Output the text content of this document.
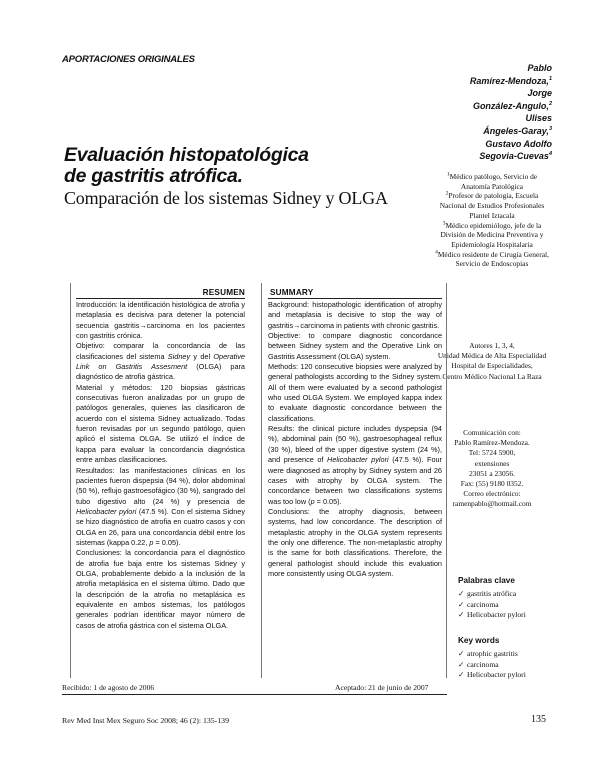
APORTACIONES ORIGINALES
Evaluación histopatológica
de gastritis atrófica.
Comparación de los sistemas Sidney y OLGA
Pablo
Ramírez-Mendoza,$^1$
Jorge
González-Angulo,$^2$
Ulises
Ángeles-Garay,$^3$
Gustavo Adolfo
Segovia-Cuevas$^4$
$^1$Médico patólogo, Servicio de Anatomía Patológica
$^2$Profesor de patología, Escuela Nacional de Estudios Profesionales Plantel Iztacala
$^3$Médico epidemiólogo, jefe de la División de Medicina Preventiva y Epidemiología Hospitalaria
$^4$Médico residente de Cirugía General, Servicio de Endoscopias
Autores 1, 3, 4,
Unidad Médica de Alta Especialidad Hospital de Especialidades,
Centro Médico Nacional La Raza
Comunicación con:
Pablo Ramírez-Mendoza.
Tel: 5724 5900,
extensiones
23051 a 23056.
Fax: (55) 9180 0352.
Correo electrónico:
ramenpablo@hotmail.com
RESUMEN	SUMMARY

Introducción: la identificación histológica de atrofia y metaplasia es decisiva para detener la potencial secuencia gastritis→carcinoma en los pacientes con gastritis crónica.

Objetivo: comparar la concordancia de las clasificaciones del sistema Sidney y del Operative Link on Gastritis Assesment (OLGA) para diagnóstico de atrofia gástrica.

Material y métodos: 120 biopsias gástricas consecutivas fueron analizadas por un grupo de patólogos generales, quienes las clasificaron de acuerdo con el sistema Sidney actualizado. Todas fueron revisadas por un segundo patólogo, quien aplicó el sistema OLGA. Se utilizó el índice de kappa para evaluar la concordancia diagnóstica entre ambas clasificaciones.

Resultados: las manifestaciones clínicas en los pacientes fueron dispepsia (94 %), dolor abdominal (50 %), reflujo gastroesofágico (30 %), sangrado del tubo digestivo alto (24 %) y presencia de Helicobacter pylori (47.5 %). Con el sistema Sidney se hizo diagnóstico de atrofia en cuatro casos y con OLGA en 26, para una concordancia débil entre los sistemas (kappa 0.22, p = 0.05).

Conclusiones: la concordancia para el diagnóstico de atrofia fue baja entre los sistemas Sidney y OLGA, probablemente debido a la inclusión de la atrofia metaplásica en el sistema último. Dado que la descripción de la atrofia no metaplásica es equivalente en ambos sistemas, los patólogos generales podrían identificar mayor número de casos de atrofia gástrica con el sistema OLGA.

Background: histopathologic identification of atrophy and metaplasia is decisive to stop the way of gastritis→carcinoma in patients with chronic gastritis.

Objective: to compare diagnostic concordance between Sidney system and the Operative Link on Gastritis Assessment (OLGA) system.

Methods: 120 consecutive biopsies were analyzed by general pathologists according to the Sidney system. All of them were evaluated by a second pathologist who used OLGA System. We employed kappa index to evaluate diagnostic concordance between the classifications.

Results: the clinical picture includes dyspepsia (94 %), abdominal pain (50 %), gastroesophageal reflux (30 %), bleed of the upper digestive system (24 %), and presence of Helicobacter pylori (47.5 %). Four were diagnosed as atrophy by Sidney system and 26 cases with atrophy by OLGA system. The concordance between two classifications systems was too low (p = 0.05).

Conclusions: the atrophy diagnosis, between systems, had low concordance. The description of metaplastic atrophy in the OLGA system represents the only one difference. The non-metaplastic atrophy is the same for both classifications. Therefore, the general pathologist should include this evaluation more consistently using OLGA system.

Palabras clave
✓ gastritis atrófica
✓ carcinoma
✓ Helicobacter pylori
Key words
✓ atrophic gastritis
✓ carcinoma
✓ Helicobacter pylori
Recibido: 1 de agosto de 2006	Aceptado: 21 de junio de 2007
Rev Med Inst Mex Seguro Soc 2008; 46 (2): 135-139	135
